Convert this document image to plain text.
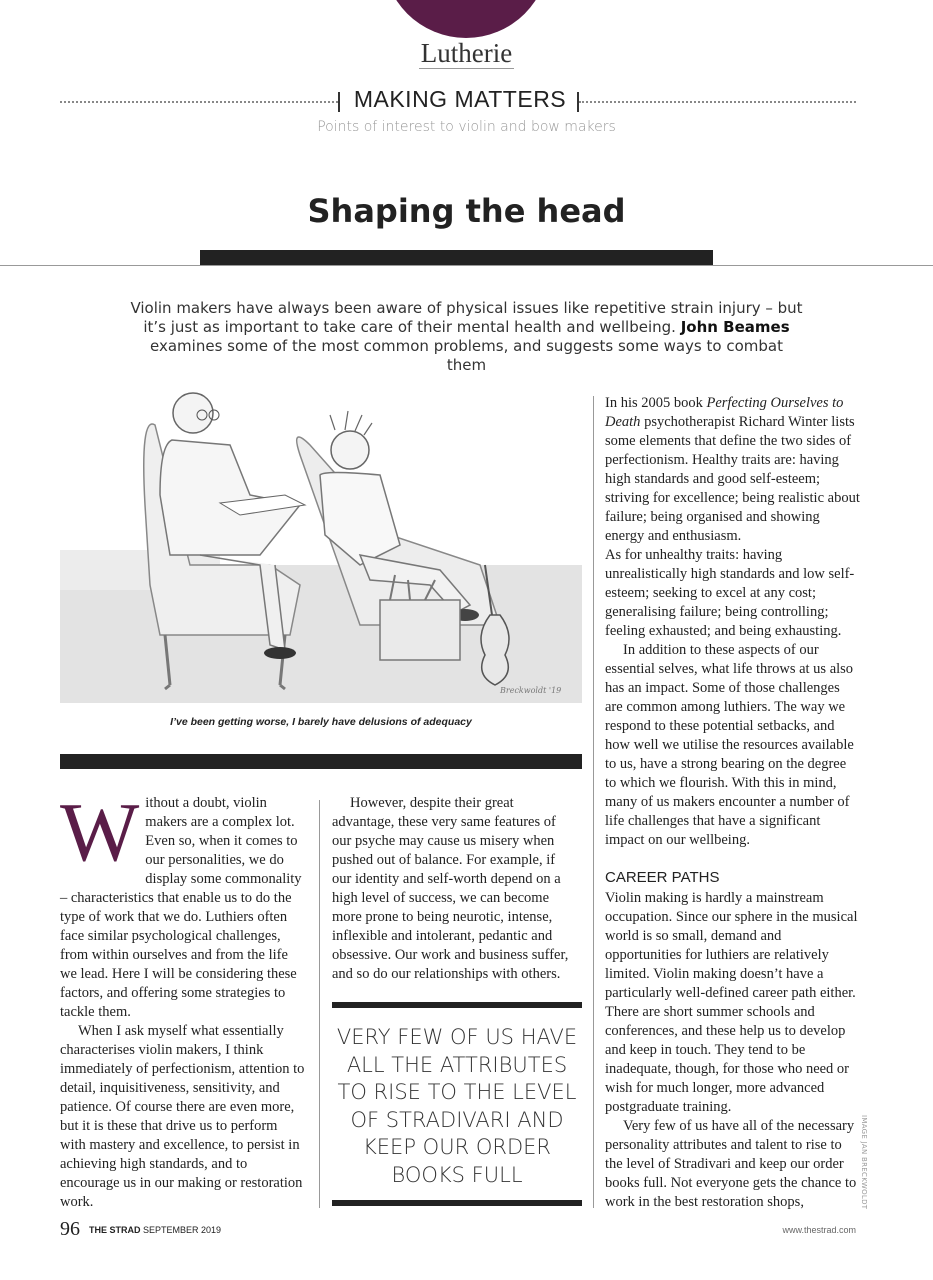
Lutherie
MAKING MATTERS
Points of interest to violin and bow makers
Shaping the head
Violin makers have always been aware of physical issues like repetitive strain injury – but it’s just as important to take care of their mental health and wellbeing. John Beames examines some of the most common problems, and suggests some ways to combat them
Breckwoldt '19
I’ve been getting worse, I barely have delusions of adequacy

Without a doubt, violin makers are a complex lot. Even so, when it comes to our personalities, we do display some commonality – characteristics that enable us to do the type of work that we do. Luthiers often face similar psychological challenges, from within ourselves and from the life we lead. Here I will be considering these factors, and offering some strategies to tackle them.

When I ask myself what essentially characterises violin makers, I think immediately of perfectionism, attention to detail, inquisitiveness, sensitivity, and patience. Of course there are even more, but it is these that drive us to perform with mastery and excellence, to persist in achieving high standards, and to encourage us in our making or restoration work.

However, despite their great advantage, these very same features of our psyche may cause us misery when pushed out of balance. For example, if our identity and self-worth depend on a high level of success, we can become more prone to being neurotic, intense, inflexible and intolerant, pedantic and obsessive. Our work and business suffer, and so do our relationships with others.

VERY FEW OF US HAVE ALL THE ATTRIBUTES TO RISE TO THE LEVEL OF STRADIVARI AND KEEP OUR ORDER BOOKS FULL

In his 2005 book Perfecting Ourselves to Death psychotherapist Richard Winter lists some elements that define the two sides of perfectionism. Healthy traits are: having high standards and good self-esteem; striving for excellence; being realistic about failure; being organised and showing energy and enthusiasm.

As for unhealthy traits: having unrealistically high standards and low self-esteem; seeking to excel at any cost; generalising failure; being controlling; feeling exhausted; and being exhausting.

In addition to these aspects of our essential selves, what life throws at us also has an impact. Some of those challenges are common among luthiers. The way we respond to these potential setbacks, and how well we utilise the resources available to us, have a strong bearing on the degree to which we flourish. With this in mind, many of us makers encounter a number of life challenges that have a significant impact on our wellbeing.

CAREER PATHS

Violin making is hardly a mainstream occupation. Since our sphere in the musical world is so small, demand and opportunities for luthiers are relatively limited. Violin making doesn’t have a particularly well-defined career path either. There are short summer schools and conferences, and these help us to develop and keep in touch. They tend to be inadequate, though, for those who need or wish for much longer, more advanced postgraduate training.

Very few of us have all of the necessary personality attributes and talent to rise to the level of Stradivari and keep our order books full. Not everyone gets the chance to work in the best restoration shops,	IMAGE JAN BRECKWOLDT
96 THE STRAD SEPTEMBER 2019	www.thestrad.com
